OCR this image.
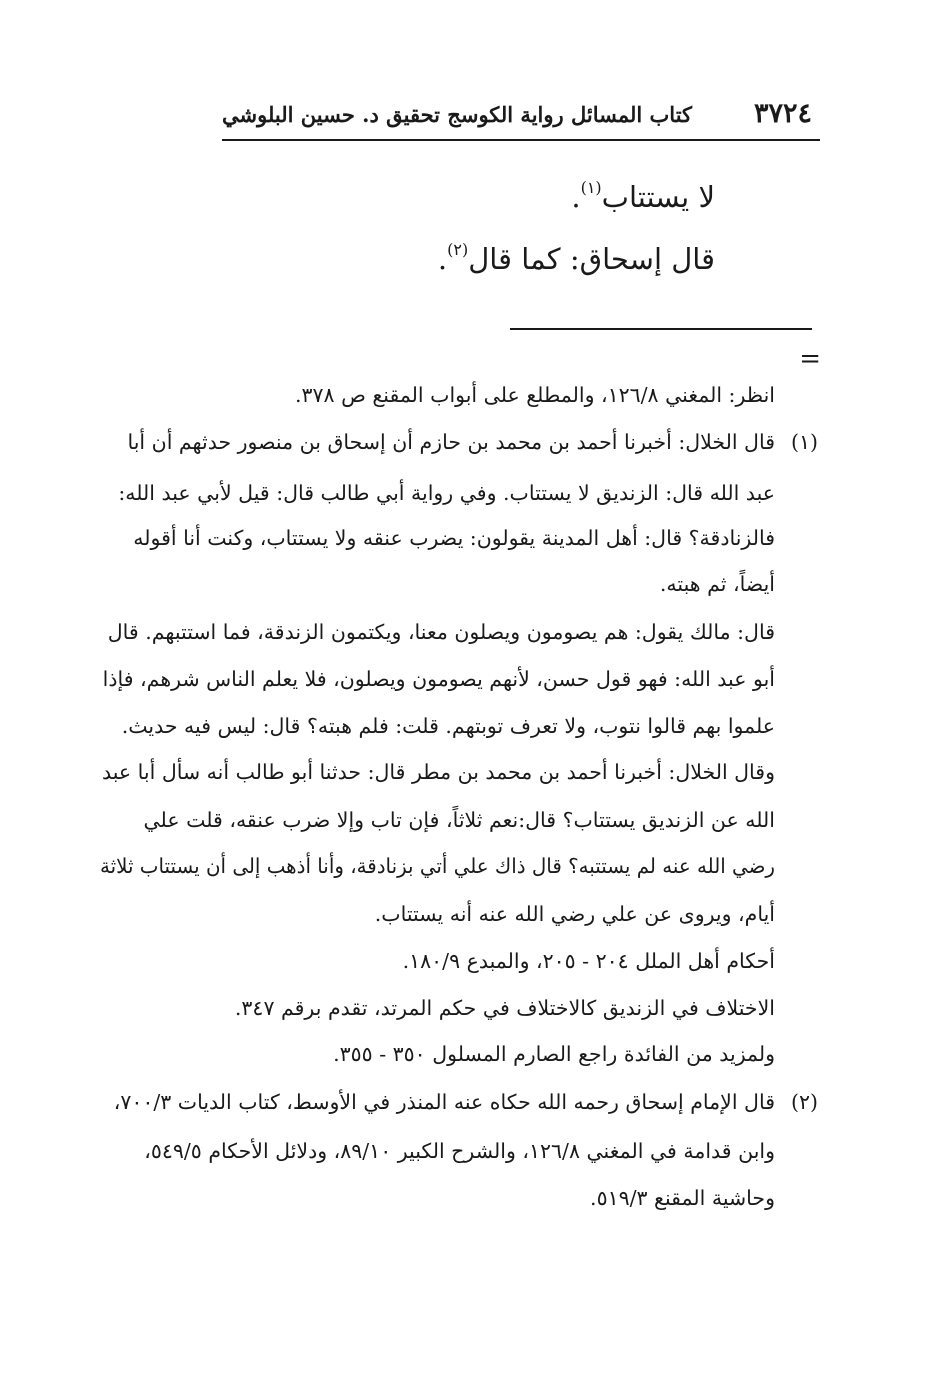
٣٧٢٤
كتاب المسائل رواية الكوسج تحقيق د. حسين البلوشي
لا يستتاب$^{(١)}$.
قال إسحاق: كما قال$^{(٢)}$.
=
انظر: المغني ١٢٦/٨، والمطلع على أبواب المقنع ص ٣٧٨.
(١)
قال الخلال: أخبرنا أحمد بن محمد بن حازم أن إسحاق بن منصور حدثهم أن أبا
عبد الله قال: الزنديق لا يستتاب. وفي رواية أبي طالب قال: قيل لأبي عبد الله:
فالزنادقة؟ قال: أهل المدينة يقولون: يضرب عنقه ولا يستتاب، وكنت أنا أقوله
أيضاً، ثم هبته.
قال: مالك يقول: هم يصومون ويصلون معنا، ويكتمون الزندقة، فما استتبهم. قال
أبو عبد الله: فهو قول حسن، لأنهم يصومون ويصلون، فلا يعلم الناس شرهم، فإذا
علموا بهم قالوا نتوب، ولا تعرف توبتهم. قلت: فلم هبته؟ قال: ليس فيه حديث.
وقال الخلال: أخبرنا أحمد بن محمد بن مطر قال: حدثنا أبو طالب أنه سأل أبا عبد
الله عن الزنديق يستتاب؟ قال:نعم ثلاثاً، فإن تاب وإلا ضرب عنقه، قلت علي
رضي الله عنه لم يستتبه؟ قال ذاك علي أتي بزنادقة، وأنا أذهب إلى أن يستتاب ثلاثة
أيام، ويروى عن علي رضي الله عنه أنه يستتاب.
أحكام أهل الملل ٢٠٤ - ٢٠٥، والمبدع ١٨٠/٩.
الاختلاف في الزنديق كالاختلاف في حكم المرتد، تقدم برقم ٣٤٧.
ولمزيد من الفائدة راجع الصارم المسلول ٣٥٠ - ٣٥٥.
(٢)
قال الإمام إسحاق رحمه الله حكاه عنه المنذر في الأوسط، كتاب الديات ٧٠٠/٣،
وابن قدامة في المغني ١٢٦/٨، والشرح الكبير ٨٩/١٠، ودلائل الأحكام ٥٤٩/٥،
وحاشية المقنع ٥١٩/٣.
